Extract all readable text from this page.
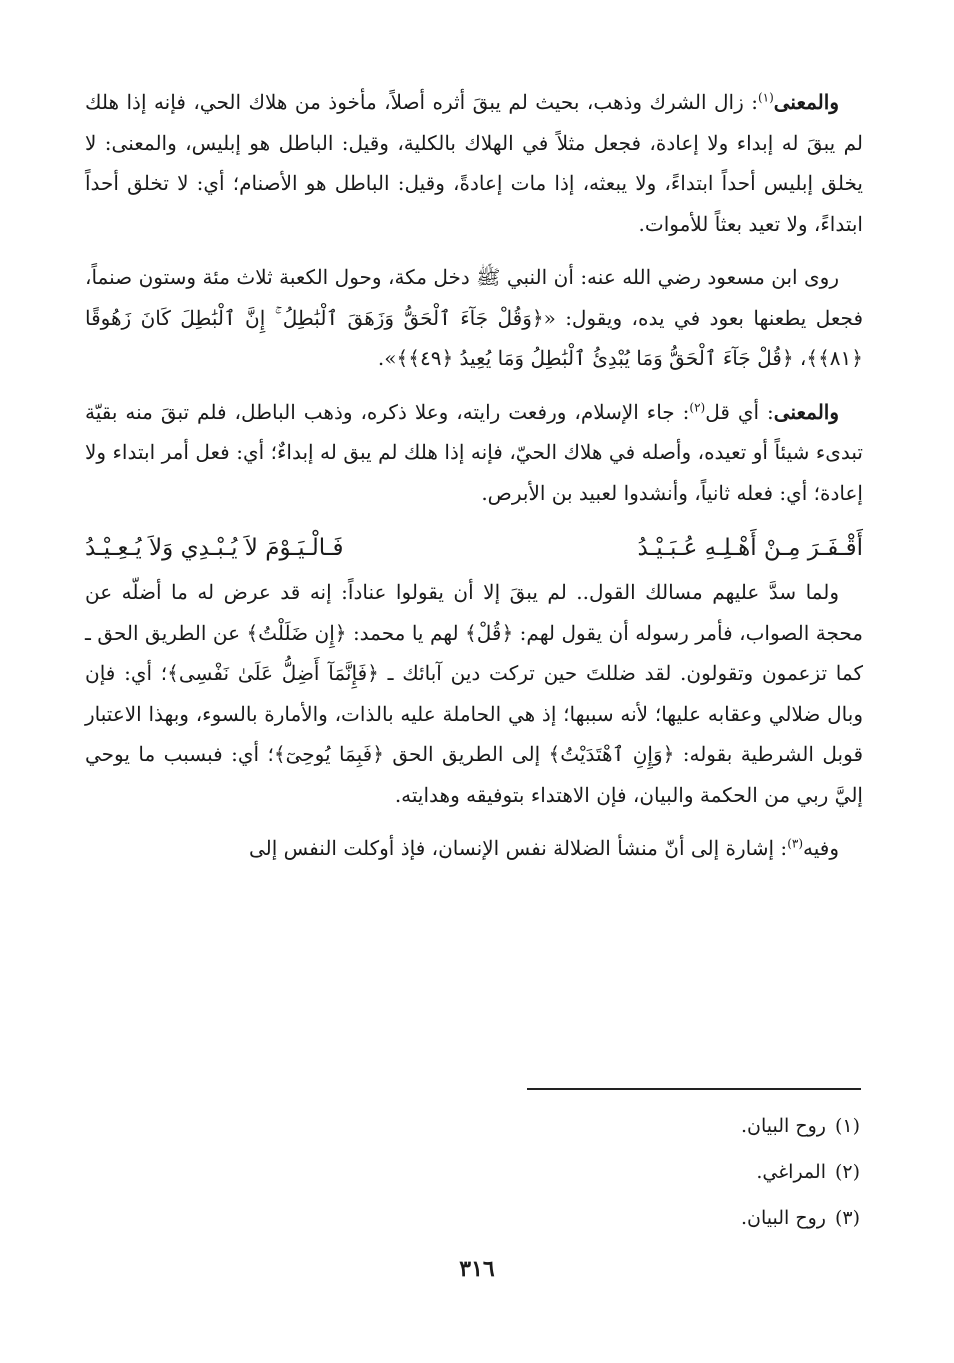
والمعنى$^{(١)}$: زال الشرك وذهب، بحيث لم يبقَ أثره أصلاً، مأخوذ من هلاك الحي، فإنه إذا هلك لم يبقَ له إبداء ولا إعادة، فجعل مثلاً في الهلاك بالكلية، وقيل: الباطل هو إبليس، والمعنى: لا يخلق إبليس أحداً ابتداءً، ولا يبعثه، إذا مات إعادةً، وقيل: الباطل هو الأصنام؛ أي: لا تخلق أحداً ابتداءً، ولا تعيد بعثاً للأموات.

روى ابن مسعود رضي الله عنه: أن النبي ﷺ دخل مكة، وحول الكعبة ثلاث مئة وستون صنماً، فجعل يطعنها بعود في يده، ويقول: «﴿وَقُلْ جَآءَ ٱلْحَقُّ وَزَهَقَ ٱلْبَٰطِلُ ۚ إِنَّ ٱلْبَٰطِلَ كَانَ زَهُوقًا ﴿٨١﴾﴾، ﴿قُلْ جَآءَ ٱلْحَقُّ وَمَا يُبْدِئُ ٱلْبَٰطِلُ وَمَا يُعِيدُ ﴿٤٩﴾﴾».

والمعنى: أي قل$^{(٢)}$: جاء الإسلام، ورفعت رايته، وعلا ذكره، وذهب الباطل، فلم تبقَ منه بقيّة تبدىء شيئاً أو تعيده، وأصله في هلاك الحيّ، فإنه إذا هلك لم يبق له إبداءٌ؛ أي: فعل أمر ابتداء ولا إعادة؛ أي: فعله ثانياً، وأنشدوا لعبيد بن الأبرص.

أَقْـفَـرَ مِـنْ أَهْـلِـهِ عُـبَـيْـدُ
فَـالْـيَـوْمَ لاَ يُـبْـدِي وَلاَ يُـعِـيْـدُ

ولما سدَّ عليهم مسالك القول.. لم يبقَ إلا أن يقولوا عناداً: إنه قد عرض له ما أضلّه عن محجة الصواب، فأمر رسوله أن يقول لهم: ﴿قُلْ﴾ لهم يا محمد: ﴿إِن ضَلَلْتُ﴾ عن الطريق الحق ـ كما تزعمون وتقولون. لقد ضللتَ حين تركت دين آبائك ـ ﴿فَإِنَّمَآ أَضِلُّ عَلَىٰ نَفْسِى﴾؛ أي: فإن وبال ضلالي وعقابه عليها؛ لأنه سببها؛ إذ هي الحاملة عليه بالذات، والأمارة بالسوء، وبهذا الاعتبار قوبل الشرطية بقوله: ﴿وَإِنِ ٱهْتَدَيْتُ﴾ إلى الطريق الحق ﴿فَبِمَا يُوحِىٓ﴾؛ أي: فبسبب ما يوحي إليَّ ربي من الحكمة والبيان، فإن الاهتداء بتوفيقه وهدايته.

وفيه$^{(٣)}$: إشارة إلى أنّ منشأ الضلالة نفس الإنسان، فإذ أوكلت النفس إلى

(١)روح البيان.
(٢)المراغي.
(٣)روح البيان.
٣١٦
